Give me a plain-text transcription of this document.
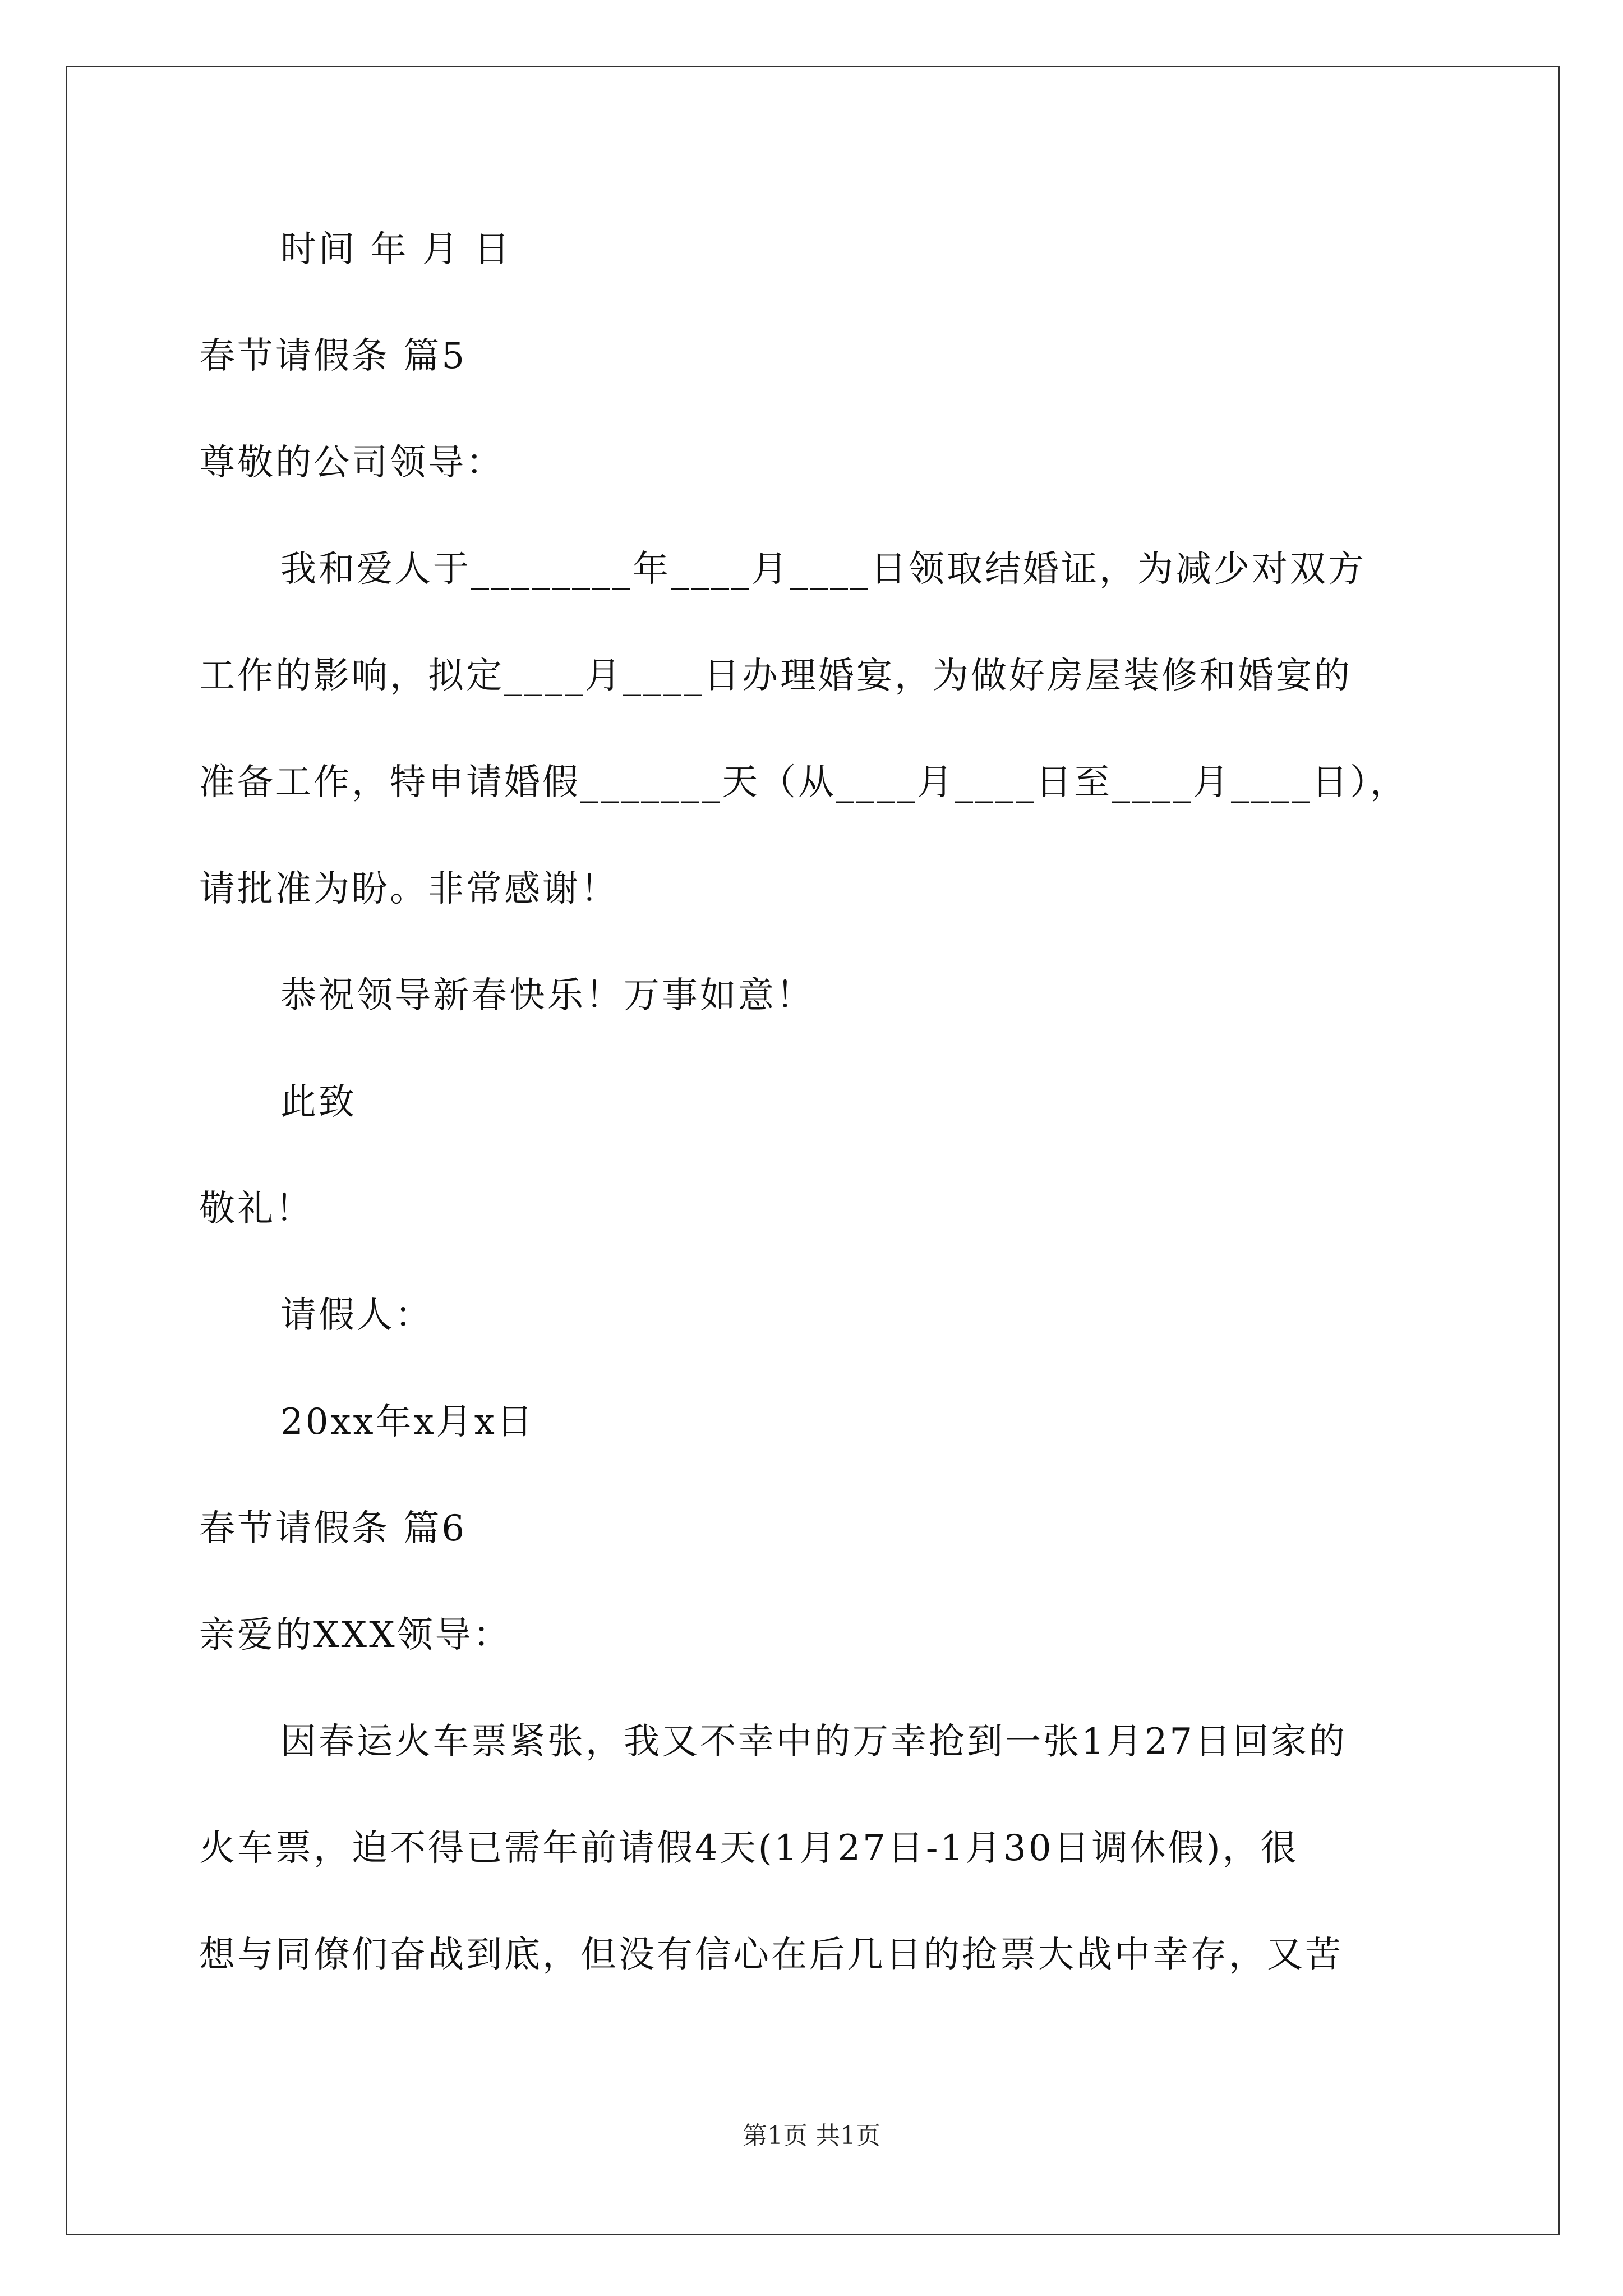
时间 年 月 日
春节请假条 篇5
尊敬的公司领导：
我和爱人于________年____月____日领取结婚证，为减少对双方
工作的影响，拟定____月____日办理婚宴，为做好房屋装修和婚宴的
准备工作，特申请婚假_______天（从____月____日至____月____日），
请批准为盼。非常感谢！
恭祝领导新春快乐！万事如意！
此致
敬礼！
请假人：
20xx年x月x日
春节请假条 篇6
亲爱的XXX领导：
因春运火车票紧张，我又不幸中的万幸抢到一张1月27日回家的
火车票，迫不得已需年前请假4天(1月27日-1月30日调休假)，很
想与同僚们奋战到底，但没有信心在后几日的抢票大战中幸存，又苦
第1页 共1页
